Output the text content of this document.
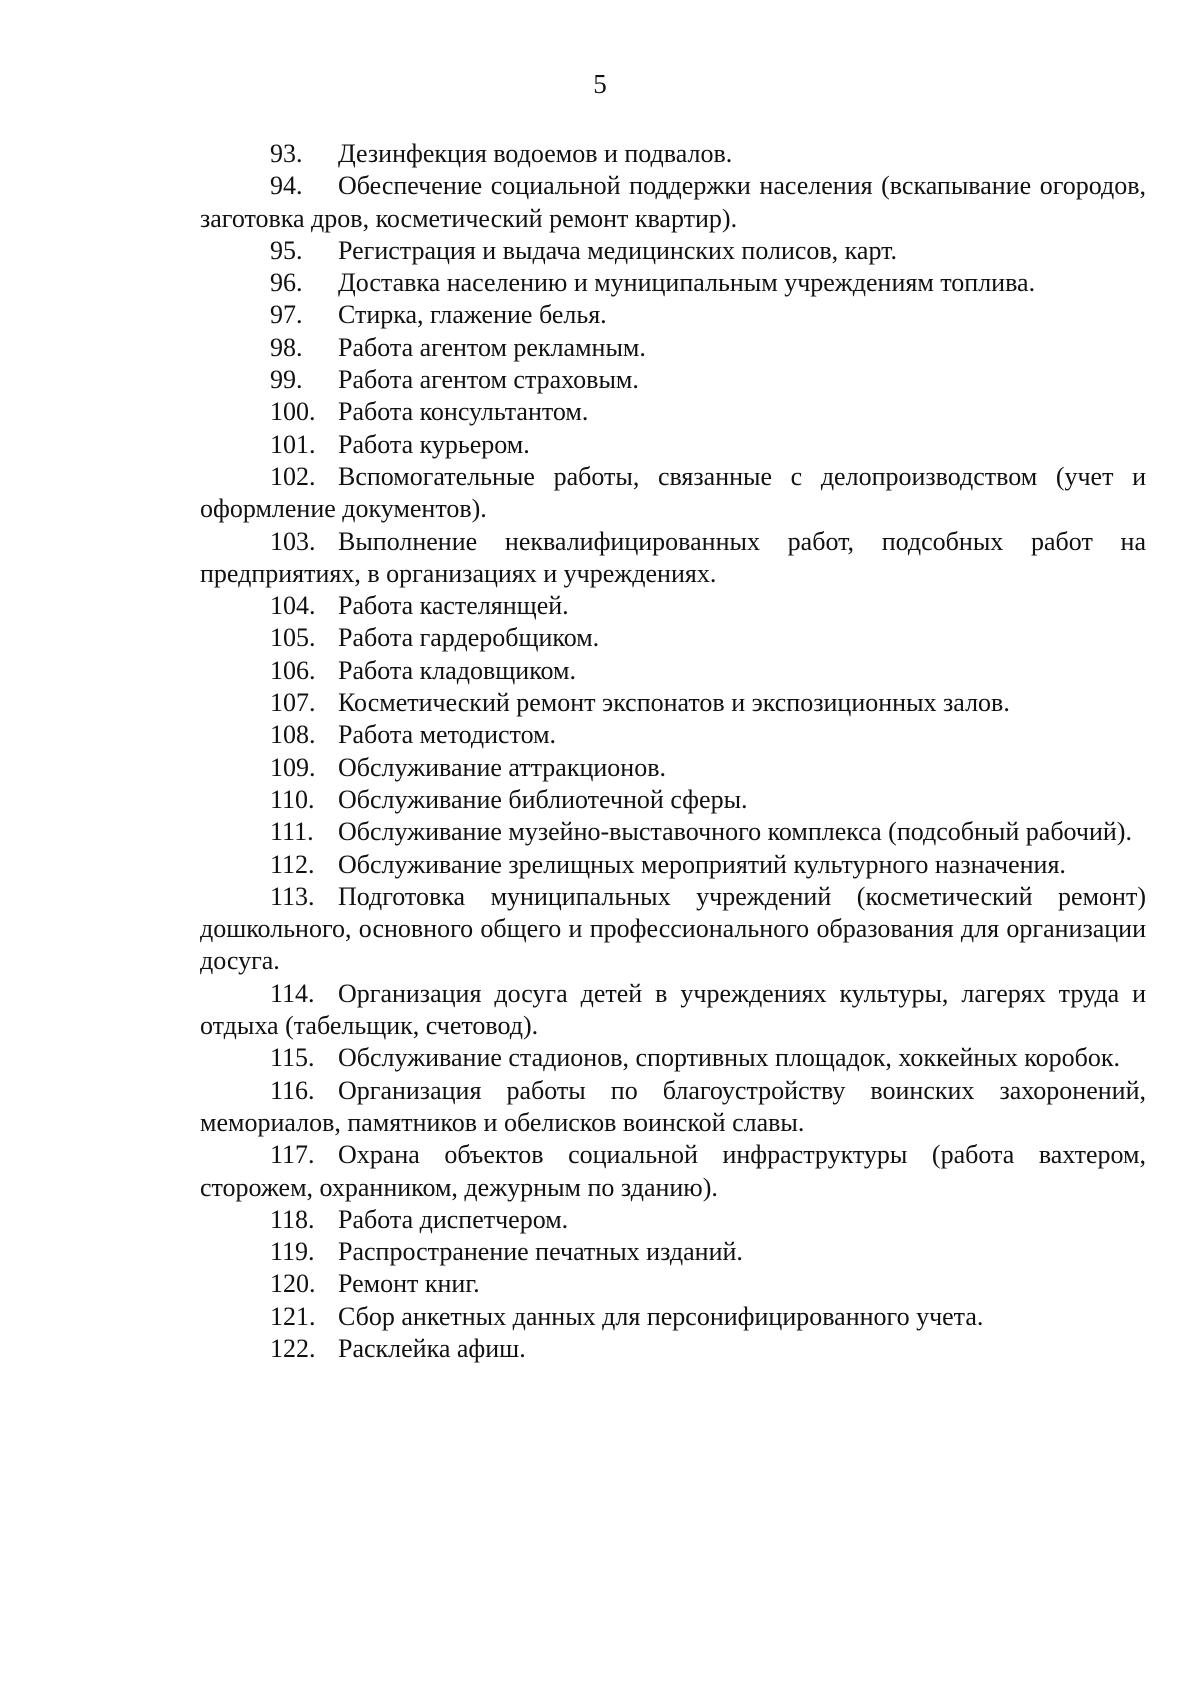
5

93. Дезинфекция водоемов и подвалов.

94. Обеспечение социальной поддержки населения (вскапывание огородов, заготовка дров, косметический ремонт квартир).

95. Регистрация и выдача медицинских полисов, карт.

96. Доставка населению и муниципальным учреждениям топлива.

97. Стирка, глажение белья.

98. Работа агентом рекламным.

99. Работа агентом страховым.

100. Работа консультантом.

101. Работа курьером.

102. Вспомогательные работы, связанные с делопроизводством (учет и оформление документов).

103. Выполнение неквалифицированных работ, подсобных работ на предприятиях, в организациях и учреждениях.

104. Работа кастелянщей.

105. Работа гардеробщиком.

106. Работа кладовщиком.

107. Косметический ремонт экспонатов и экспозиционных залов.

108. Работа методистом.

109. Обслуживание аттракционов.

110. Обслуживание библиотечной сферы.

111. Обслуживание музейно-выставочного комплекса (подсобный рабочий).

112. Обслуживание зрелищных мероприятий культурного назначения.

113. Подготовка муниципальных учреждений (косметический ремонт) дошкольного, основного общего и профессионального образования для организации досуга.

114. Организация досуга детей в учреждениях культуры, лагерях труда и отдыха (табельщик, счетовод).

115. Обслуживание стадионов, спортивных площадок, хоккейных коробок.

116. Организация работы по благоустройству воинских захоронений, мемориалов, памятников и обелисков воинской славы.

117. Охрана объектов социальной инфраструктуры (работа вахтером, сторожем, охранником, дежурным по зданию).

118. Работа диспетчером.

119. Распространение печатных изданий.

120. Ремонт книг.

121. Сбор анкетных данных для персонифицированного учета.

122. Расклейка афиш.
